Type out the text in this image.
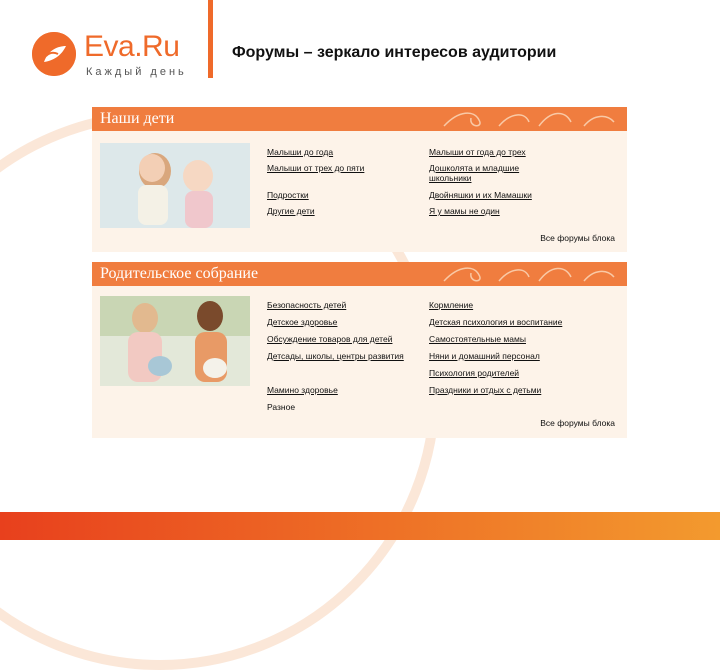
Eva.Ru
Каждый день
Форумы – зеркало интересов аудитории
Наши дети
Малыши до года
Малыши от трех до пяти
Подростки
Другие дети
Малыши от года до трех
Дошколята и младшие школьники
Двойняшки и их Мамашки
Я у мамы не один
Все форумы блока
Родительское собрание
Безопасность детей
Детское здоровье
Обсуждение товаров для детей
Детсады, школы, центры развития
Мамино здоровье
Разное
Кормление
Детская психология и воспитание
Самостоятельные мамы
Няни и домашний персонал
Психология родителей
Праздники и отдых с детьми
Все форумы блока
